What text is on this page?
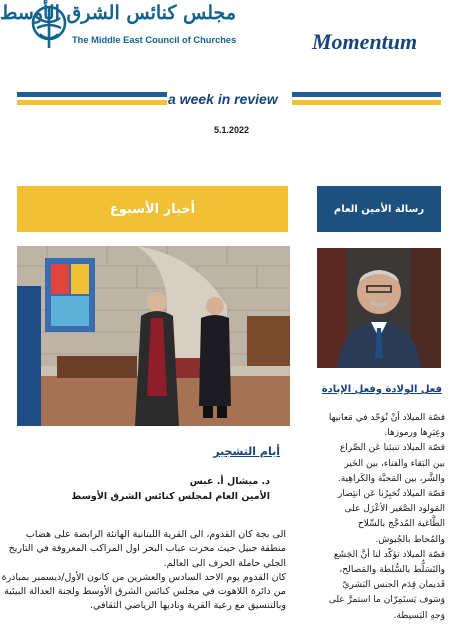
مجلس كنائس الشرق الأوسط
The Middle East Council of Churches	Momentum
a week in review
5.1.2022
أخبار الأسبوع	رسالة الأمين العام
أيام التشجير
د. ميشال أ. عبس
الأمين العام لمجلس كنائس الشرق الأوسط
الى بجة كان القدوم، الى القرية اللبنانية الهانئة الرابضة على هضاب
منطقة جبيل حيث مخرت عباب البحر اول المراكب المعروفة في التاريخ
الجلي حاملة الحرف الى العالم.
كان القدوم يوم الاحد السادس والعشرين من كانون الأول/ديسمبر بمبادرة
من دائرة اللاهوت في مجلس كنائس الشرق الأوسط ولجنة العدالة البيئية
وبالتنسيق مع رعية القرية وناديها الرياضي الثقافي.
فعل الولادة وفعل الإبادة
قصّة الميلاد أنْ تُوَحّد في مَعانيها
وعِبَرِها ورموزها.
قصّة الميلاد تنبئنا عَن الصِّراع
بين البَقاء والفناء، بين الخَير
والشَّر، بين المَحبَّة والكَراهِية.
قصّة الميلاد تُخبِرُنا عَن انتِصار
المَولود الصَّغير الأعْزَل على
الطَّاغية المُدجَّج بالسِّلاح
والمُحاط بالجُيوش.
قصّة الميلاد تؤكّد لنا أنَّ الجَشَع
والتَسَلُّط بالسُّلطة والمَصالح،
قَديمان قِدَم الجنس البَشريّ
وَسَوف يَستَمِرّان ما استمرَّ على
وَجهِ البَسيطة.
